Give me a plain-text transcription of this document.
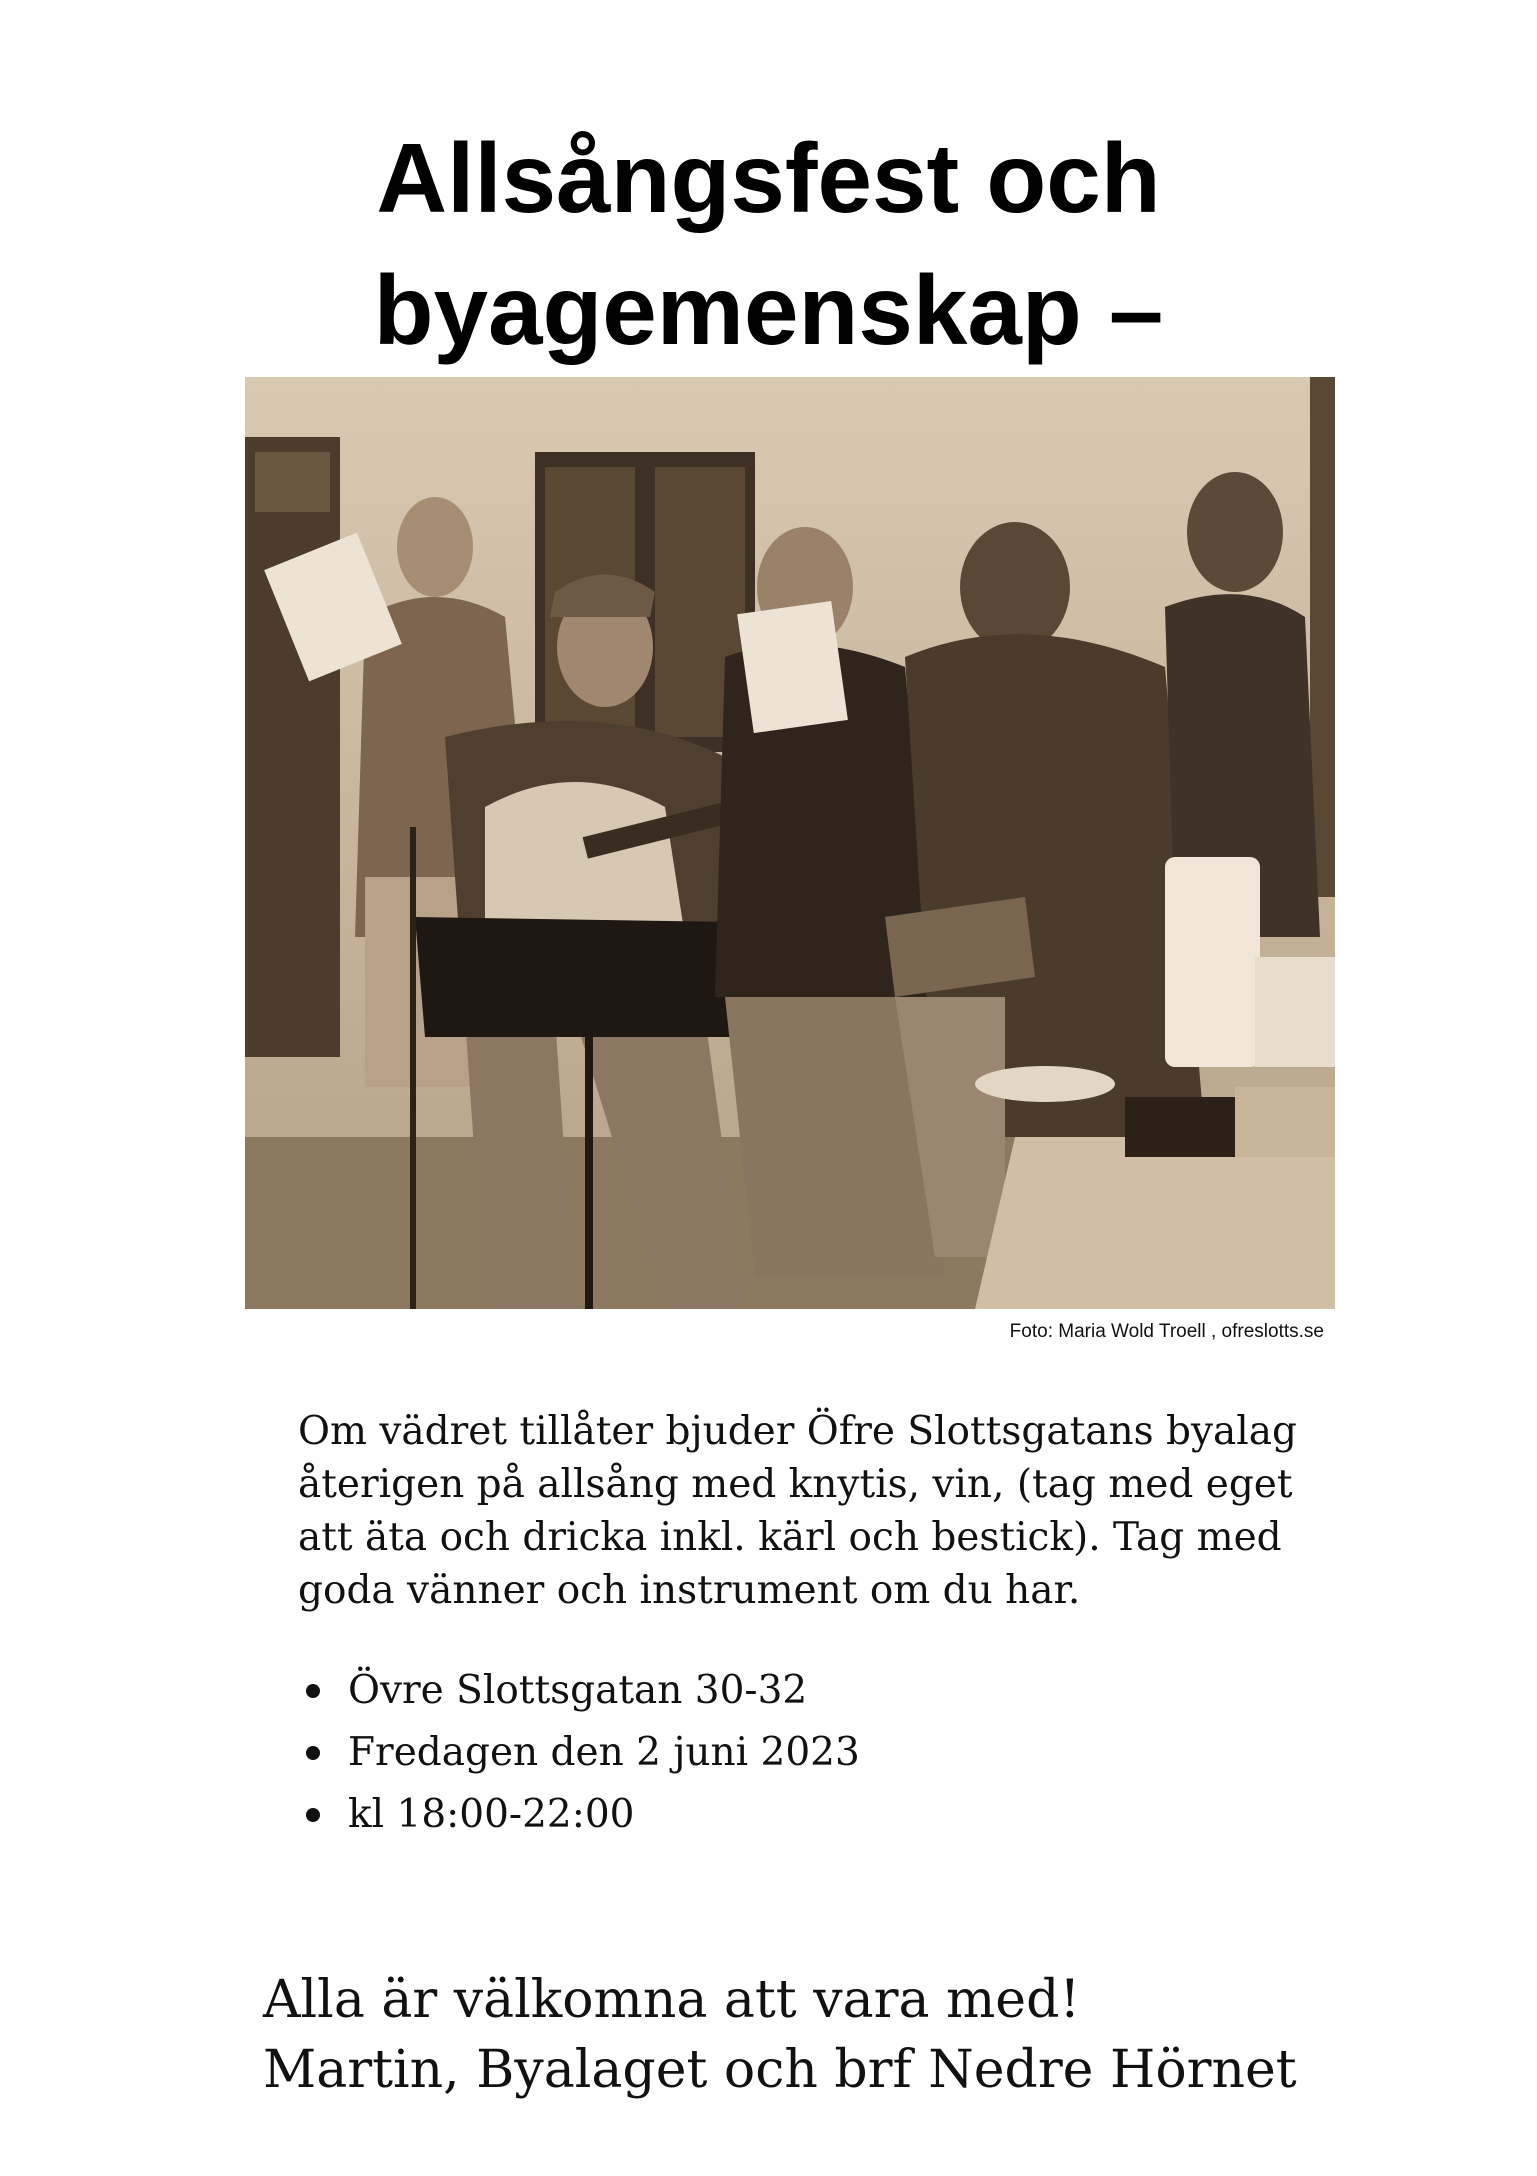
Allsångsfest och
byagemenskap –
Foto: Maria Wold Troell , ofreslotts.se

Om vädret tillåter bjuder Öfre Slottsgatans byalag återigen på allsång med knytis, vin, (tag med eget att äta och dricka inkl. kärl och bestick). Tag med goda vänner och instrument om du har.

Övre Slottsgatan 30-32
Fredagen den 2 juni 2023
kl 18:00-22:00
Alla är välkomna att vara med!
Martin, Byalaget och brf Nedre Hörnet
